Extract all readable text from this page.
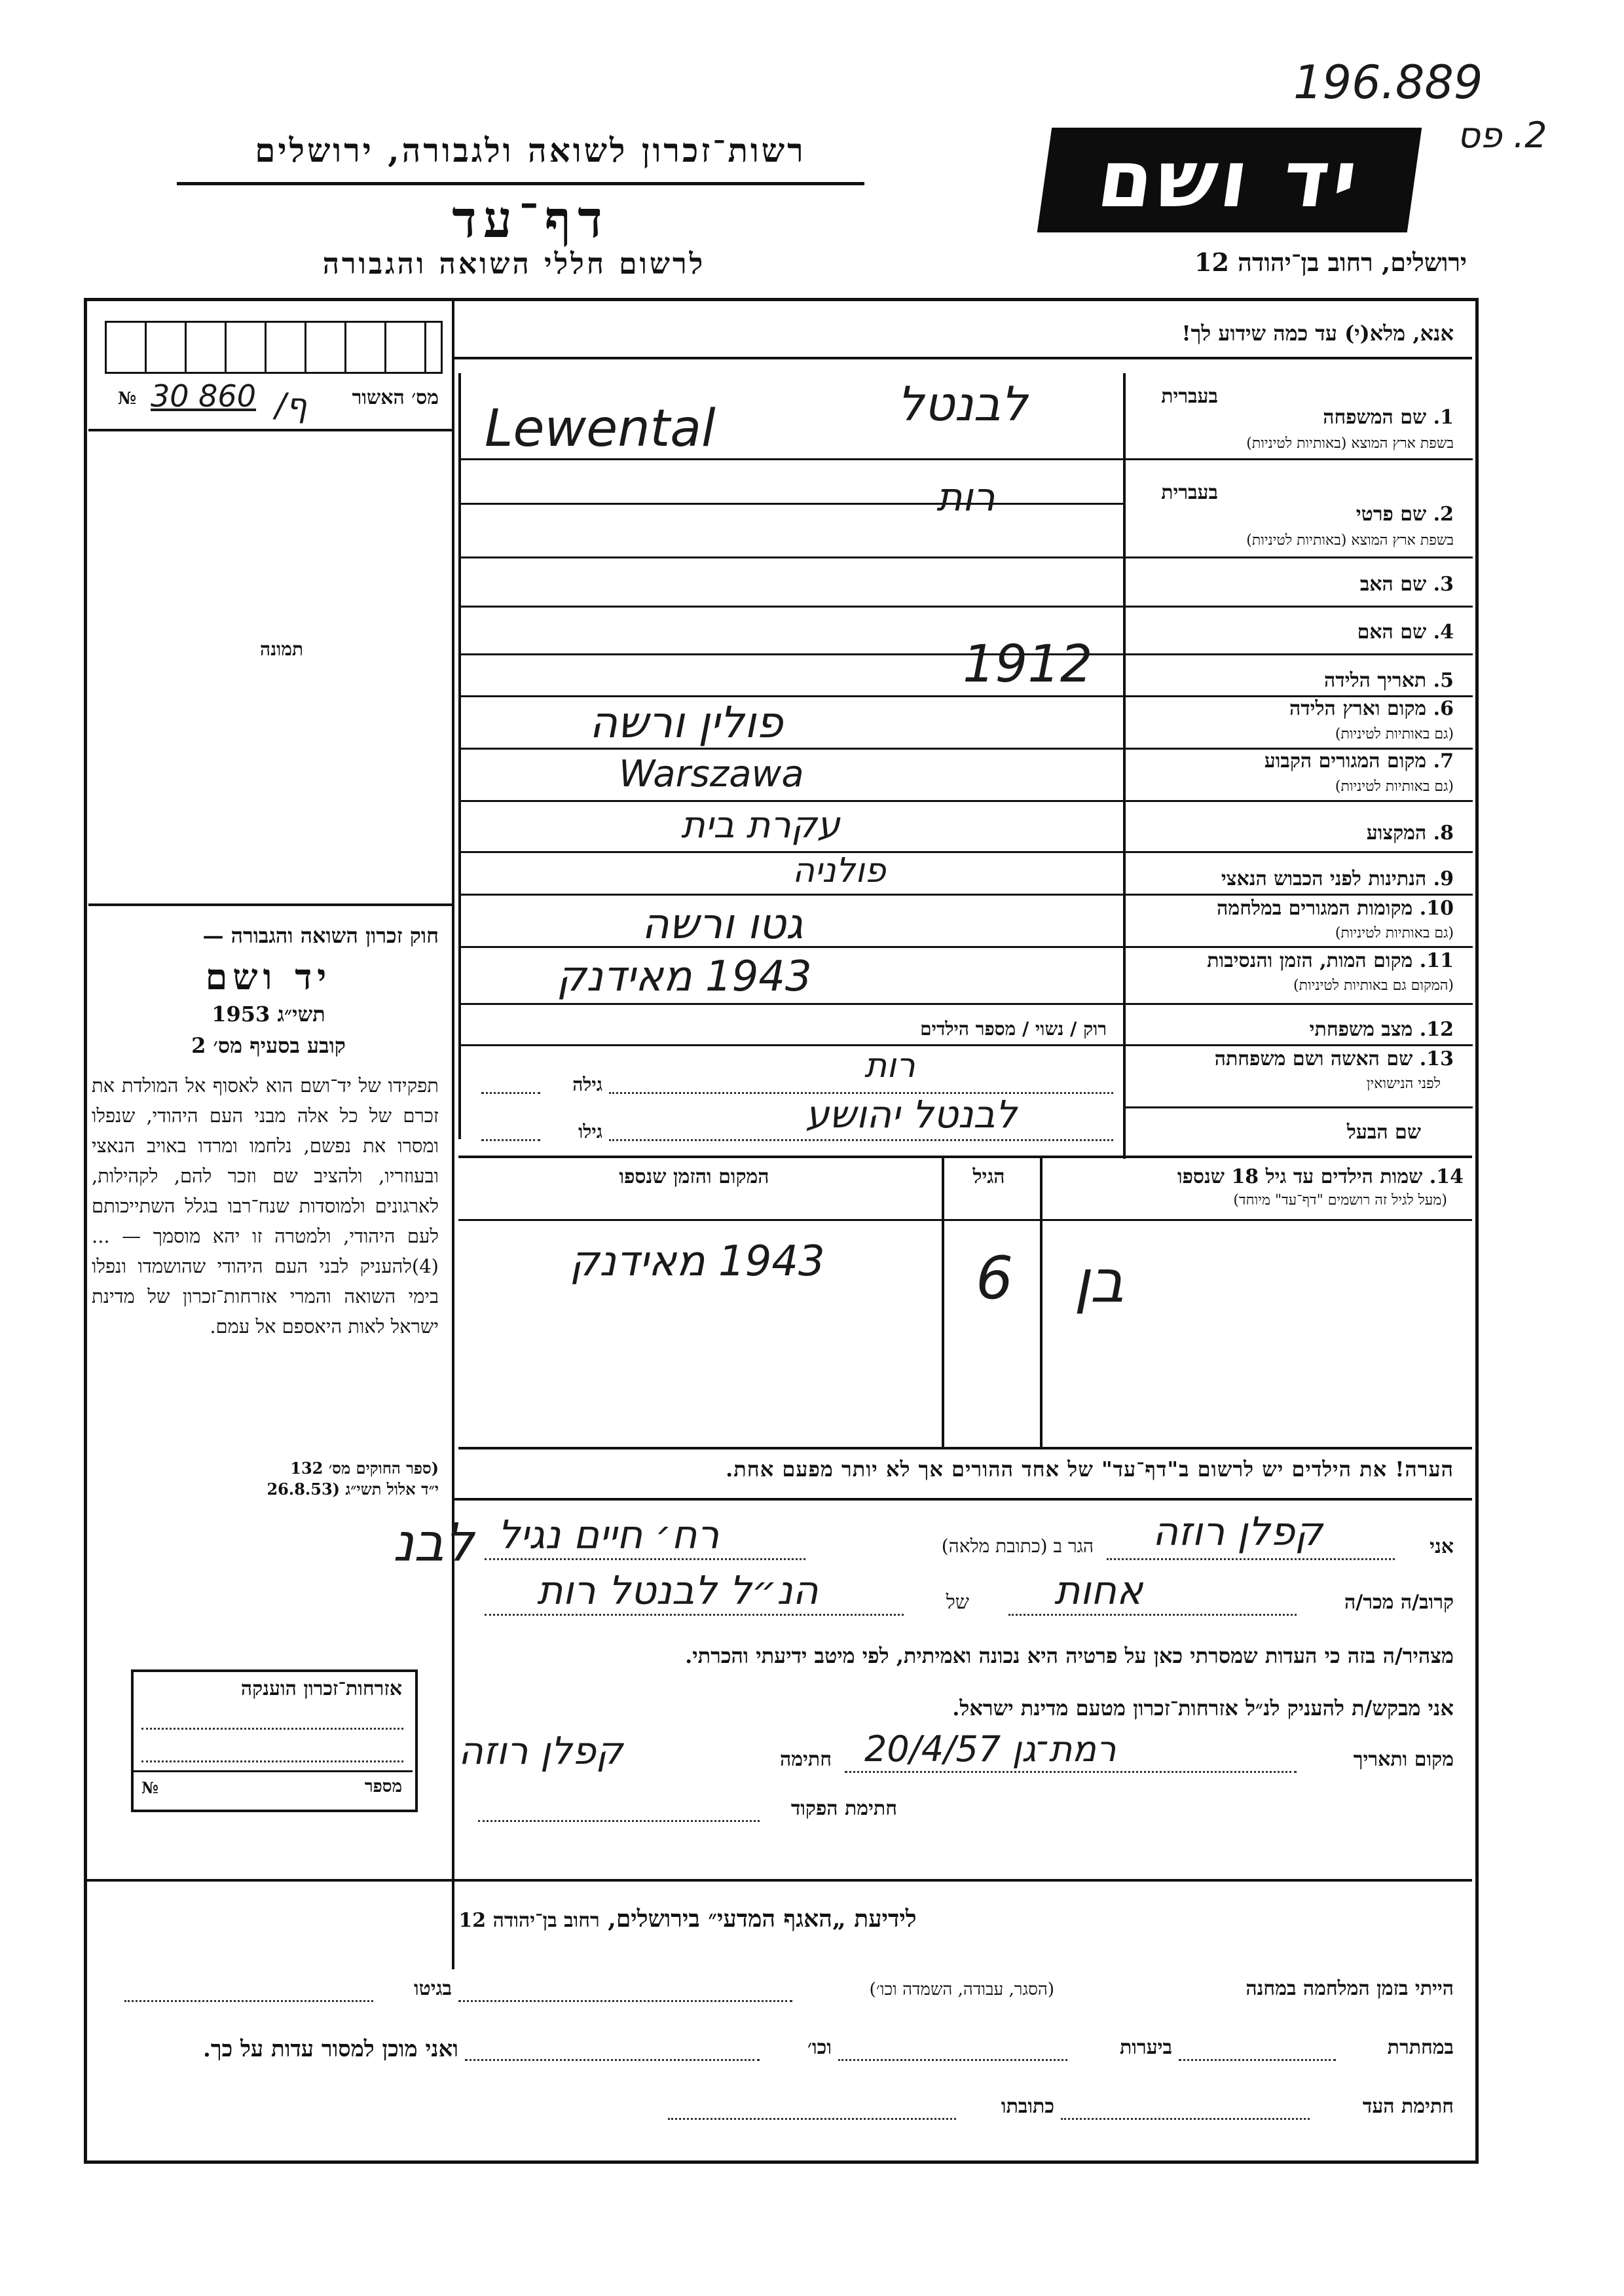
196.889
2. פס
רשות־זכרון לשואה ולגבורה, ירושלים
דף־עד
לרשום חללי השואה והגבורה
יד ושם
ירושלים, רחוב בן־יהודה 12
מס׳ האשור
№ 30 860 /ף
תמונה
חוק זכרון השואה והגבורה —
יד ושם
תשי״ג 1953
קובע בסעיף מס׳ 2
תפקידו של יד־ושם הוא לאסוף אל המולדת את זכרם של כל אלה מבני העם היהודי, שנפלו ומסרו את נפשם, נלחמו ומרדו באויב הנאצי ובעוזריו, ולהציב שם וזכר להם, לקהילות, לארגונים ולמוסדות שנח־רבו בגלל השתייכותם לעם היהודי, ולמטרה זו יהא מוסמך — ...(4)להעניק לבני העם היהודי שהושמדו ונפלו בימי השואה והמרי אזרחות־זכרון של מדינת ישראל לאות היאספם אל עמם.
(ספר החוקים מס׳ 132
י״ד אלול תשי״ג (26.8.53
אזרחות־זכרון הוענקה
מספר
№
אנא, מלא(י) עד כמה שידוע לך!
בעברית
1. שם המשפחה
בשפת ארץ המוצא (באותיות לטיניות)
בעברית
2. שם פרטי
בשפת ארץ המוצא (באותיות לטיניות)
3. שם האב
4. שם האם
5. תאריך הלידה
6. מקום וארץ הלידה
(גם באותיות לטיניות)
7. מקום המגורים הקבוע
(גם באותיות לטיניות)
8. המקצוע
9. הנתינות לפני הכבוש הנאצי
10. מקומות המגורים במלחמה
(גם באותיות לטיניות)
11. מקום המות, הזמן והנסיבות
(המקום גם באותיות לטיניות)
12. מצב משפחתי
13. שם האשה ושם משפחתה
לפני הנישואין
שם הבעל
לבנטל
Lewental
רות
1912
פולין ורשה
Warszawa
עקרת בית
פולניה
גטו ורשה
1943 מאידנק
רוק / נשוי / מספר הילדים
רות
גילה
לבנטל יהושע
גילו
14. שמות הילדים עד גיל 18 שנספו
(מעל לגיל זה רושמים "דף־עד" מיוחד)
הגיל
המקום והזמן שנספו
בן
6
1943 מאידנק
הערה! את הילדים יש לרשום ב"דף־עד" של אחד ההורים אך לא יותר מפעם אחת.
אני
קפלן רוזה
הגר ב (כתובת מלאה)
רח׳ חיים נגיל
קרוב/ה מכר/ה
אחות
של
הנ״ל לבנטל רות
מצהיר/ה בזה כי העדות שמסרתי כאן על פרטיה היא נכונה ואמיתית, לפי מיטב ידיעתי והכרתי.
אני מבקש/ת להעניק לנ״ל אזרחות־זכרון מטעם מדינת ישראל.
מקום ותאריך
רמת־גן 20/4/57
חתימה
קפלן רוזה
חתימת הפקוד
לבנ
לידיעת „האגף המדעי״ בירושלים, רחוב בן־יהודה 12
הייתי בזמן המלחמה במחנה
(הסגר, עבודה, השמדה וכו׳)
בגיטו
במחתרת
ביערות
וכו׳
ואני מוכן למסור עדות על כך.
חתימת העד
כתובתו
